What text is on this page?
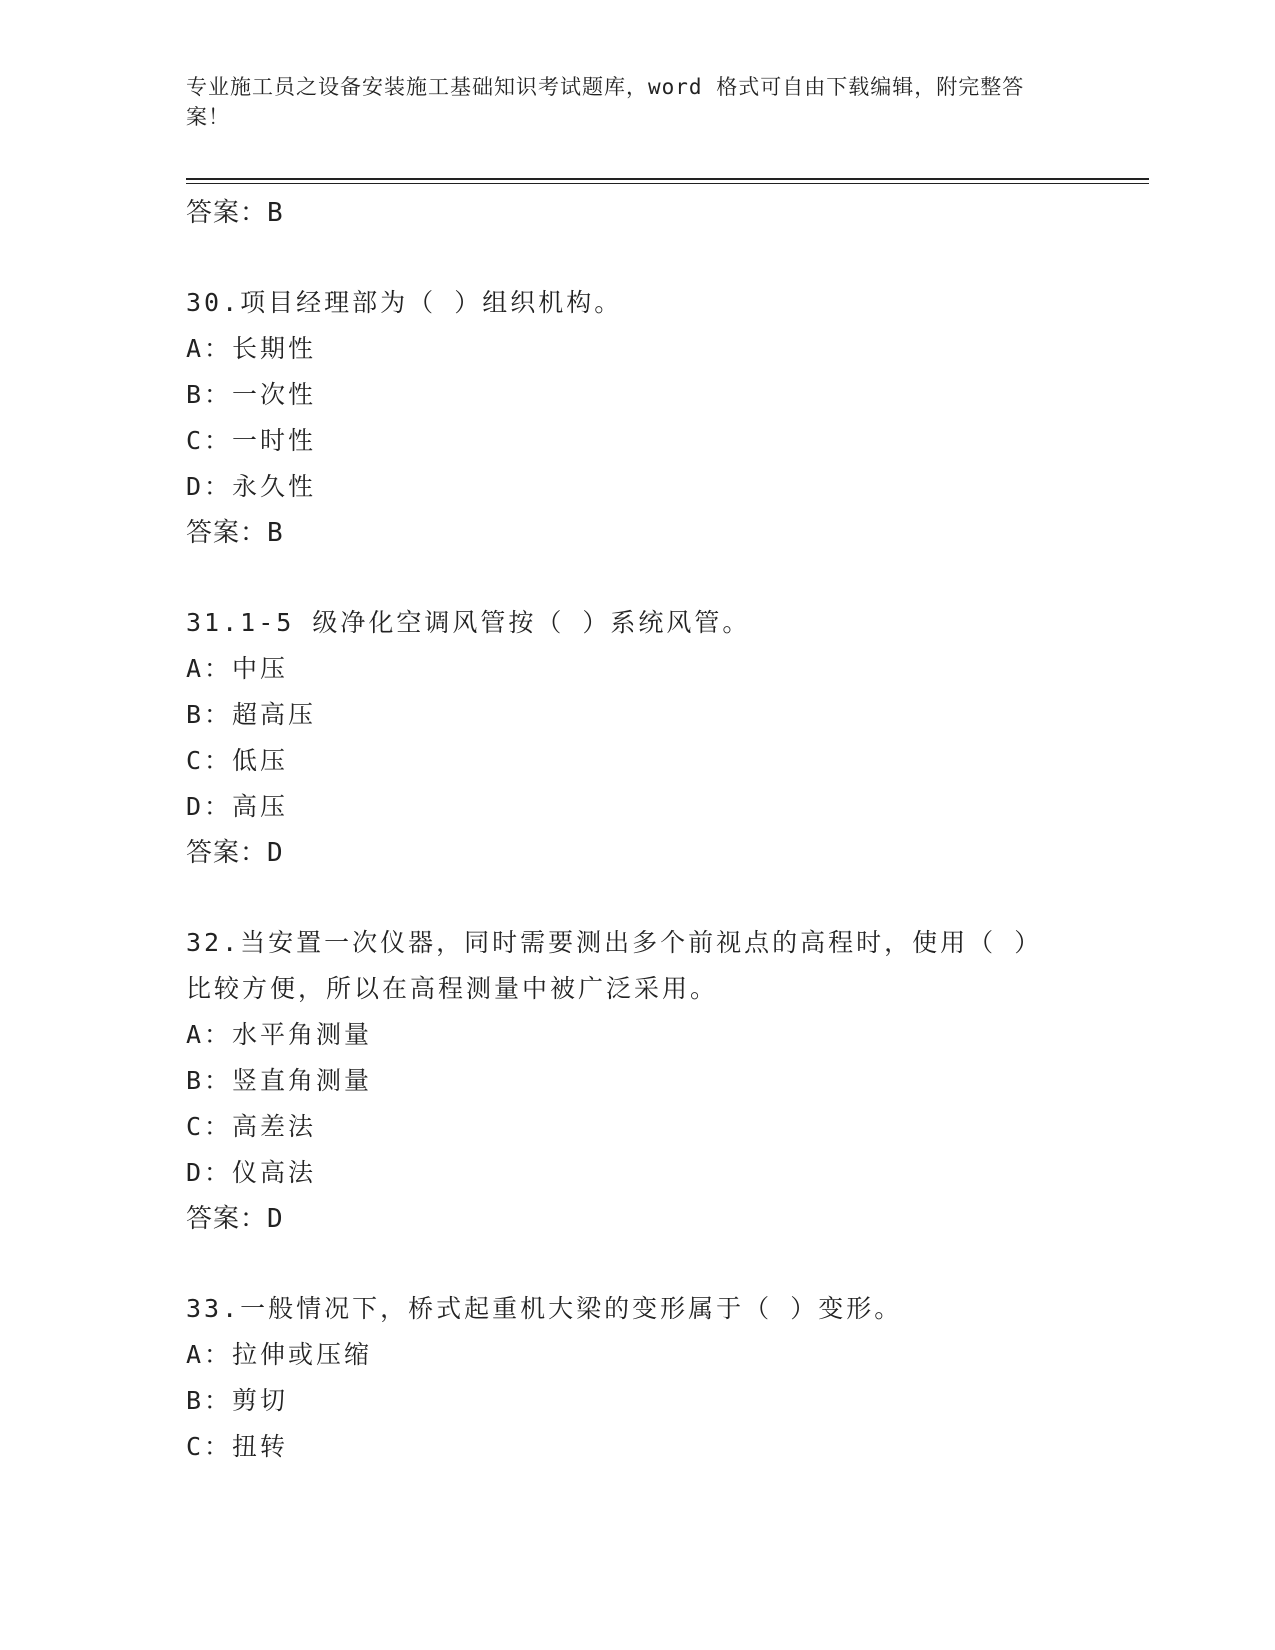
专业施工员之设备安装施工基础知识考试题库，word 格式可自由下载编辑，附完整答案！
答案：B
30.项目经理部为（ ）组织机构。
A：长期性
B：一次性
C：一时性
D：永久性
答案：B
31.1-5 级净化空调风管按（ ）系统风管。
A：中压
B：超高压
C：低压
D：高压
答案：D
32.当安置一次仪器，同时需要测出多个前视点的高程时，使用（ ）比较方便，所以在高程测量中被广泛采用。
A：水平角测量
B：竖直角测量
C：高差法
D：仪高法
答案：D
33.一般情况下，桥式起重机大梁的变形属于（ ）变形。
A：拉伸或压缩
B：剪切
C：扭转
